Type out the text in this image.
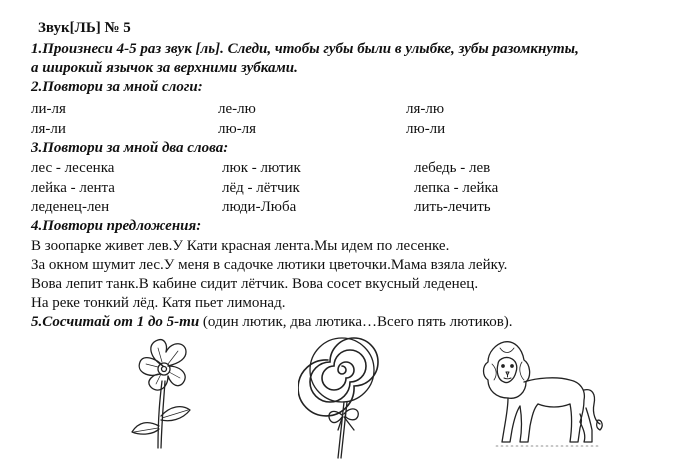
Звук[ЛЬ] № 5
1.Произнеси 4-5 раз звук [ль]. Следи, чтобы губы были в улыбке, зубы разомкнуты,
а широкий язычок за верхними зубками.
2.Повтори за мной слоги:
ли-ля	ле-лю	ля-лю
ля-ли	лю-ля	лю-ли
3.Повтори за мной два слова:
лес - лесенка	люк - лютик	лебедь - лев
лейка - лента	лёд - лётчик	лепка - лейка
леденец-лен	люди-Люба	лить-лечить
4.Повтори предложения:
В зоопарке живет лев.У Кати красная лента.Мы идем по лесенке.
За окном шумит лес.У меня в садочке лютики цветочки.Мама взяла лейку.
Вова лепит танк.В кабине сидит лётчик. Вова сосет вкусный леденец.
На реке тонкий лёд. Катя пьет лимонад.
5.Сосчитай от 1 до 5-ти (один лютик, два лютика…Всего пять лютиков).
